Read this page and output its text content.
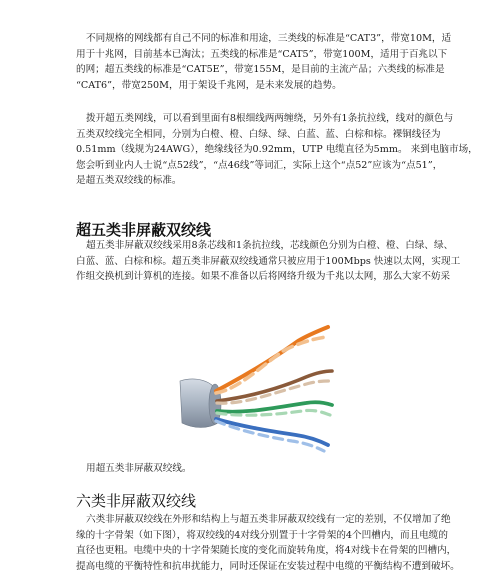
不同规格的网线都有自己不同的标准和用途，三类线的标准是“CAT3”，带宽10M，适
用于十兆网，目前基本已淘汰；五类线的标准是“CAT5”，带宽100M，适用于百兆以下
的网；超五类线的标准是“CAT5E”，带宽155M，是目前的主流产品；六类线的标准是
“CAT6”，带宽250M，用于架设千兆网，是未来发展的趋势。

拨开超五类网线，可以看到里面有8根细线两两缠绕，另外有1条抗拉线，线对的颜色与
五类双绞线完全相同，分别为白橙、橙、白绿、绿、白蓝、蓝、白棕和棕。裸铜线径为
0.51mm（线规为24AWG），绝缘线径为0.92mm，UTP 电缆直径为5mm。 来到电脑市场，
您会听到业内人士说“点52线”，“点46线”等词汇，实际上这个“点52”应该为“点51”，
是超五类双绞线的标准。

超五类非屏蔽双绞线

超五类非屏蔽双绞线采用8条芯线和1条抗拉线，芯线颜色分别为白橙、橙、白绿、绿、
白蓝、蓝、白棕和棕。超五类非屏蔽双绞线通常只被应用于100Mbps 快速以太网，实现工
作组交换机到计算机的连接。如果不准备以后将网络升级为千兆以太网，那么大家不妨采

用超五类非屏蔽双绞线。

六类非屏蔽双绞线

六类非屏蔽双绞线在外形和结构上与超五类非屏蔽双绞线有一定的差别，不仅增加了绝
缘的十字骨架（如下图），将双绞线的4对线分别置于十字骨架的4个凹槽内，而且电缆的
直径也更粗。电缆中央的十字骨架随长度的变化而旋转角度，将4对线卡在骨架的凹槽内，
提高电缆的平衡特性和抗串扰能力，同时还保证在安装过程中电缆的平衡结构不遭到破坏。
